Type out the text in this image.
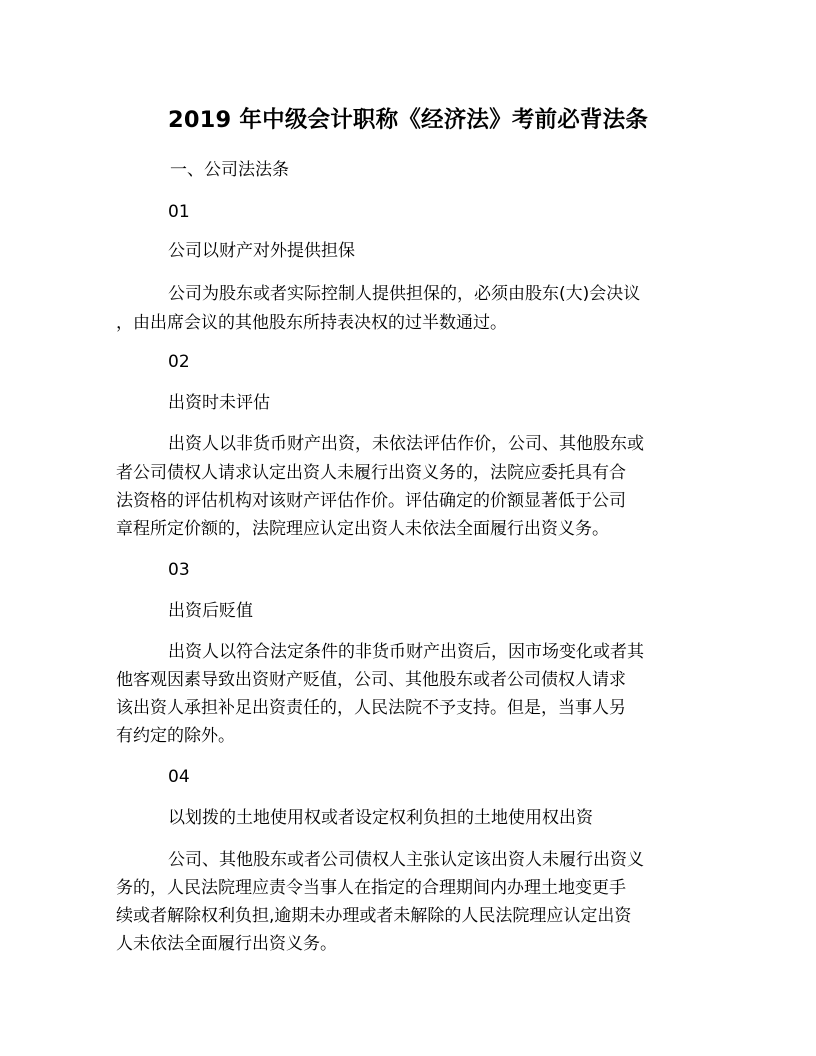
2019 年中级会计职称《经济法》考前必背法条

一、公司法法条

01

公司以财产对外提供担保

公司为股东或者实际控制人提供担保的，必须由股东(大)会决议

，由出席会议的其他股东所持表决权的过半数通过。

02

出资时未评估

出资人以非货币财产出资，未依法评估作价，公司、其他股东或

者公司债权人请求认定出资人未履行出资义务的，法院应委托具有合

法资格的评估机构对该财产评估作价。评估确定的价额显著低于公司

章程所定价额的，法院理应认定出资人未依法全面履行出资义务。

03

出资后贬值

出资人以符合法定条件的非货币财产出资后，因市场变化或者其

他客观因素导致出资财产贬值，公司、其他股东或者公司债权人请求

该出资人承担补足出资责任的，人民法院不予支持。但是，当事人另

有约定的除外。

04

以划拨的土地使用权或者设定权利负担的土地使用权出资

公司、其他股东或者公司债权人主张认定该出资人未履行出资义

务的，人民法院理应责令当事人在指定的合理期间内办理土地变更手

续或者解除权利负担,逾期未办理或者未解除的人民法院理应认定出资

人未依法全面履行出资义务。
